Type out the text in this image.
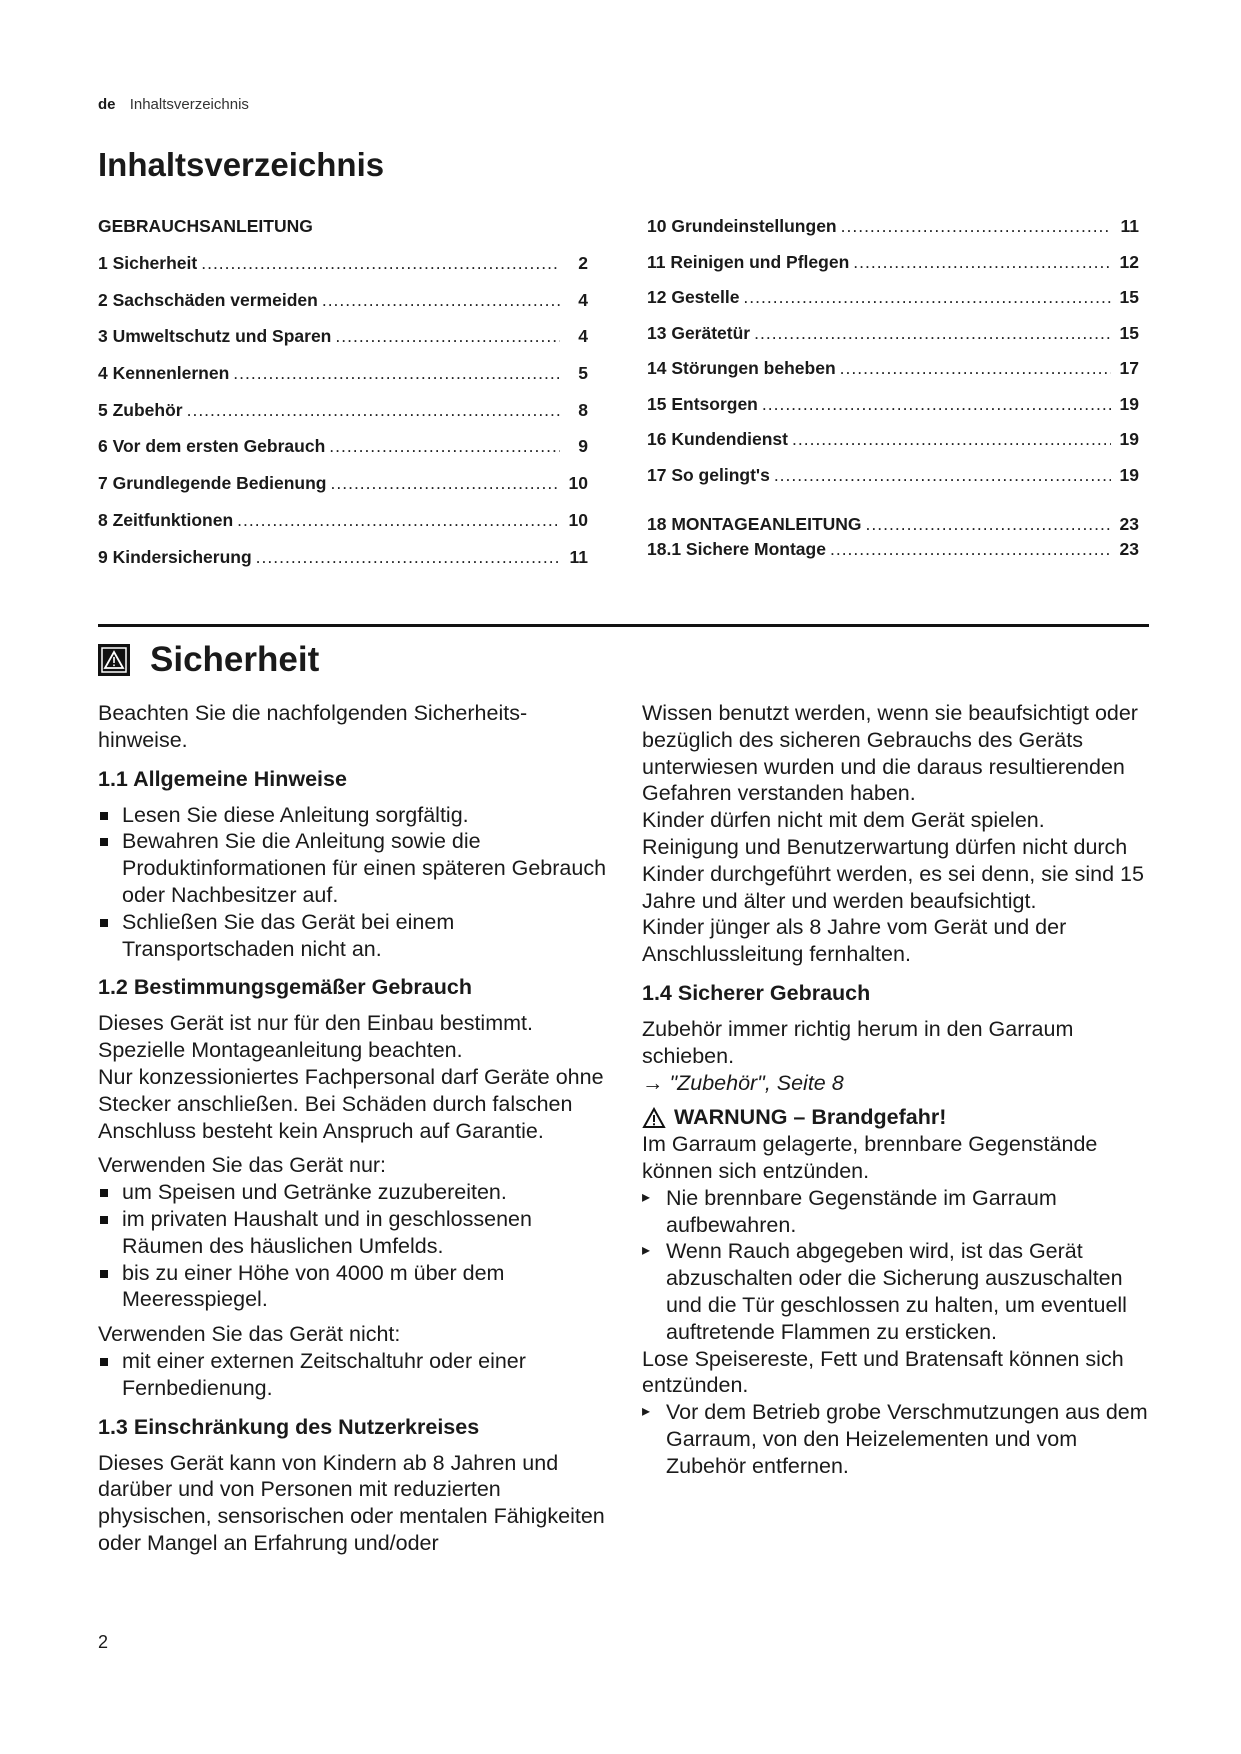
de Inhaltsverzeichnis
Inhaltsverzeichnis
GEBRAUCHSANLEITUNG
1 Sicherheit .....	2
2 Sachschäden vermeiden .....	4
3 Umweltschutz und Sparen .....	4
4 Kennenlernen .....	5
5 Zubehör .....	8
6 Vor dem ersten Gebrauch .....	9
7 Grundlegende Bedienung .....	10
8 Zeitfunktionen .....	10
9 Kindersicherung .....	11
10 Grundeinstellungen .....	11
11 Reinigen und Pflegen .....	12
12 Gestelle .....	15
13 Gerätetür .....	15
14 Störungen beheben .....	17
15 Entsorgen .....	19
16 Kundendienst .....	19
17 So gelingt's .....	19
18 MONTAGEANLEITUNG .....	23
18.1 Sichere Montage .....	23
Sicherheit

Beachten Sie die nachfolgenden Sicherheits-hinweise.

1.1 Allgemeine Hinweise
Lesen Sie diese Anleitung sorgfältig.
Bewahren Sie die Anleitung sowie die Produktinformationen für einen späteren Gebrauch oder Nachbesitzer auf.
Schließen Sie das Gerät bei einem Transportschaden nicht an.
1.2 Bestimmungsgemäßer Gebrauch

Dieses Gerät ist nur für den Einbau bestimmt. Spezielle Montageanleitung beachten.

Nur konzessioniertes Fachpersonal darf Geräte ohne Stecker anschließen. Bei Schäden durch falschen Anschluss besteht kein Anspruch auf Garantie.

Verwenden Sie das Gerät nur:

um Speisen und Getränke zuzubereiten.
im privaten Haushalt und in geschlossenen Räumen des häuslichen Umfelds.
bis zu einer Höhe von 4000 m über dem Meeresspiegel.

Verwenden Sie das Gerät nicht:

mit einer externen Zeitschaltuhr oder einer Fernbedienung.
1.3 Einschränkung des Nutzerkreises

Dieses Gerät kann von Kindern ab 8 Jahren und darüber und von Personen mit reduzierten physischen, sensorischen oder mentalen Fähigkeiten oder Mangel an Erfahrung und/oder

Wissen benutzt werden, wenn sie beaufsichtigt oder bezüglich des sicheren Gebrauchs des Geräts unterwiesen wurden und die daraus resultierenden Gefahren verstanden haben.

Kinder dürfen nicht mit dem Gerät spielen.

Reinigung und Benutzerwartung dürfen nicht durch Kinder durchgeführt werden, es sei denn, sie sind 15 Jahre und älter und werden beaufsichtigt.

Kinder jünger als 8 Jahre vom Gerät und der Anschlussleitung fernhalten.

1.4 Sicherer Gebrauch

Zubehör immer richtig herum in den Garraum schieben.

→ "Zubehör", Seite 8

WARNUNG – Brandgefahr!

Im Garraum gelagerte, brennbare Gegenstände können sich entzünden.

▸ Nie brennbare Gegenstände im Garraum aufbewahren.
▸ Wenn Rauch abgegeben wird, ist das Gerät abzuschalten oder die Sicherung auszuschalten und die Tür geschlossen zu halten, um eventuell auftretende Flammen zu ersticken.

Lose Speisereste, Fett und Bratensaft können sich entzünden.

▸ Vor dem Betrieb grobe Verschmutzungen aus dem Garraum, von den Heizelementen und vom Zubehör entfernen.
2
